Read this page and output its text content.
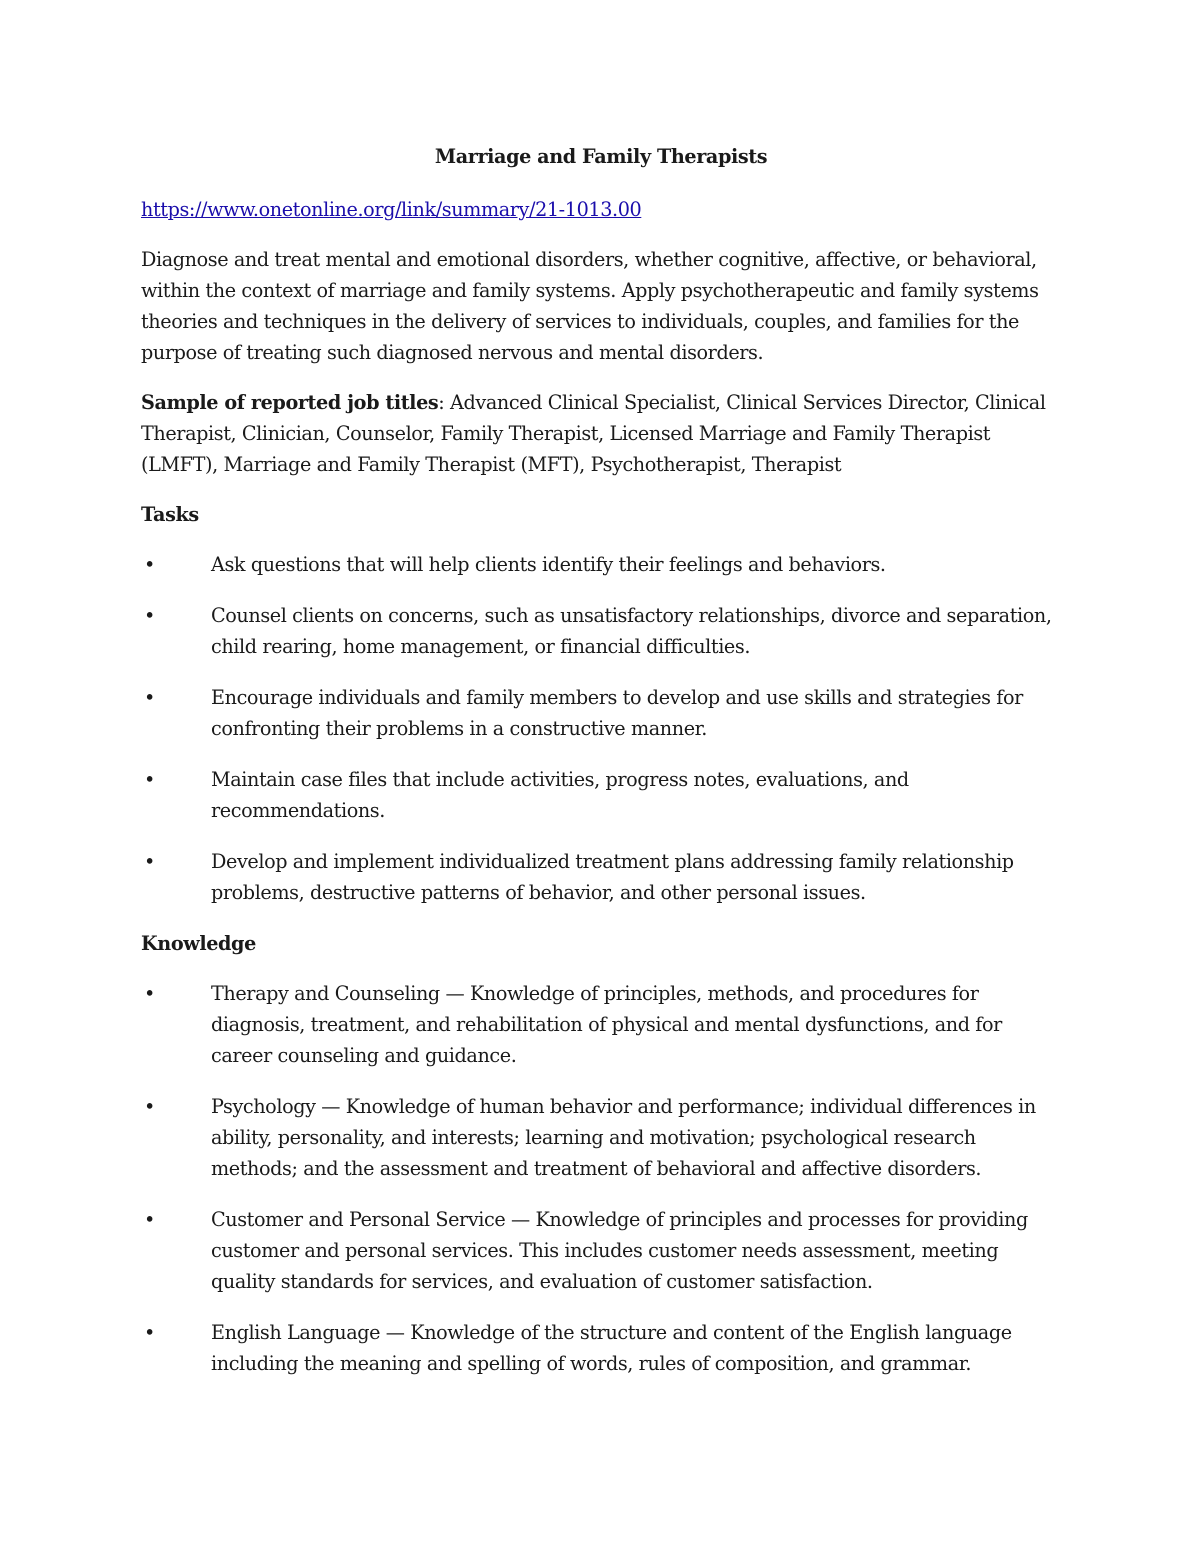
Marriage and Family Therapists
https://www.onetonline.org/link/summary/21-1013.00

Diagnose and treat mental and emotional disorders, whether cognitive, affective, or behavioral, within the context of marriage and family systems. Apply psychotherapeutic and family systems theories and techniques in the delivery of services to individuals, couples, and families for the purpose of treating such diagnosed nervous and mental disorders.

Sample of reported job titles: Advanced Clinical Specialist, Clinical Services Director, Clinical Therapist, Clinician, Counselor, Family Therapist, Licensed Marriage and Family Therapist (LMFT), Marriage and Family Therapist (MFT), Psychotherapist, Therapist

Tasks
•	Ask questions that will help clients identify their feelings and behaviors.
•	Counsel clients on concerns, such as unsatisfactory relationships, divorce and separation, child rearing, home management, or financial difficulties.
•	Encourage individuals and family members to develop and use skills and strategies for confronting their problems in a constructive manner.
•	Maintain case files that include activities, progress notes, evaluations, and recommendations.
•	Develop and implement individualized treatment plans addressing family relationship problems, destructive patterns of behavior, and other personal issues.
Knowledge
•	Therapy and Counseling — Knowledge of principles, methods, and procedures for diagnosis, treatment, and rehabilitation of physical and mental dysfunctions, and for career counseling and guidance.
•	Psychology — Knowledge of human behavior and performance; individual differences in ability, personality, and interests; learning and motivation; psychological research methods; and the assessment and treatment of behavioral and affective disorders.
•	Customer and Personal Service — Knowledge of principles and processes for providing customer and personal services. This includes customer needs assessment, meeting quality standards for services, and evaluation of customer satisfaction.
•	English Language — Knowledge of the structure and content of the English language including the meaning and spelling of words, rules of composition, and grammar.
